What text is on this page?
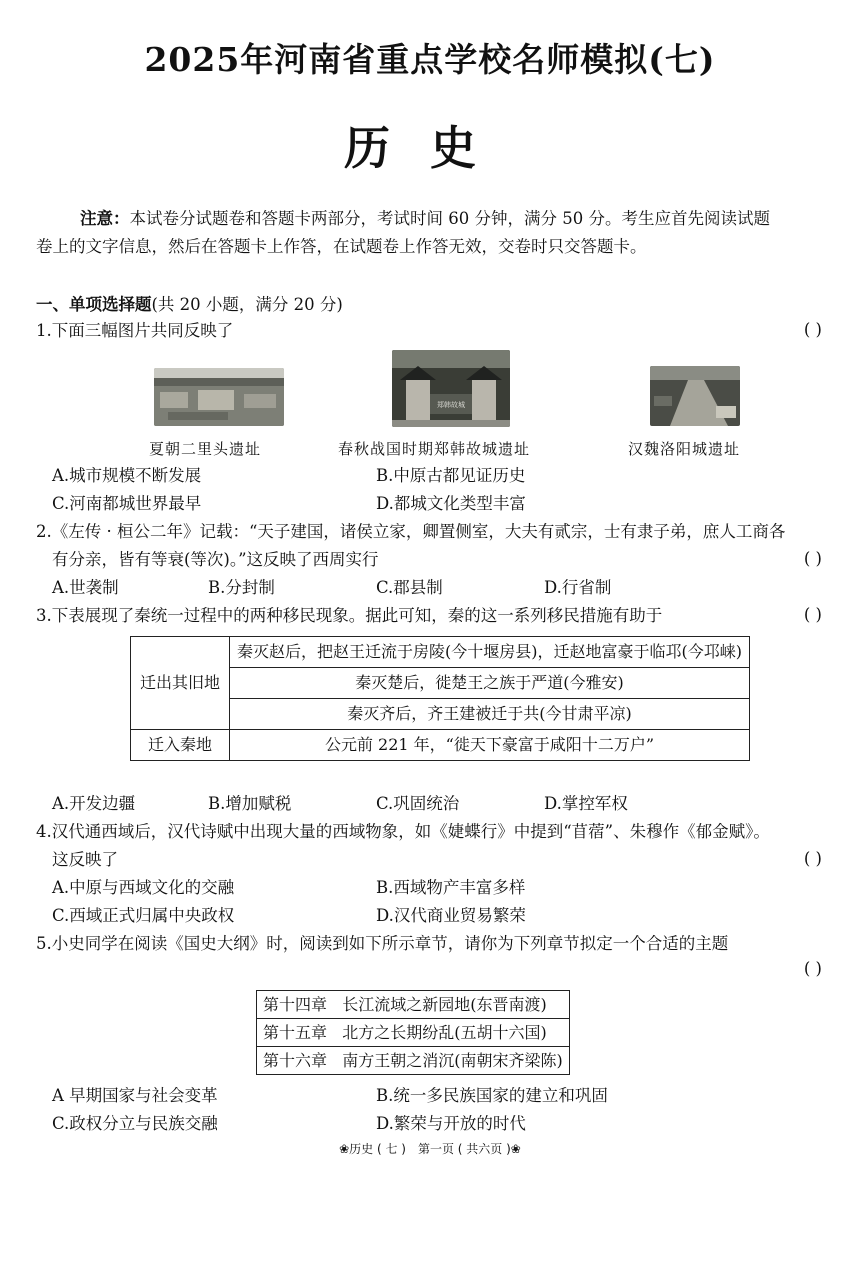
2025年河南省重点学校名师模拟(七)
历史
注意：本试卷分试题卷和答题卡两部分，考试时间 60 分钟，满分 50 分。考生应首先阅读试题
卷上的文字信息，然后在答题卡上作答，在试题卷上作答无效，交卷时只交答题卡。
一、单项选择题(共 20 小题，满分 20 分)
1.下面三幅图片共同反映了	( )
郑韩故城
夏朝二里头遗址	春秋战国时期郑韩故城遗址	汉魏洛阳城遗址
A.城市规模不断发展	B.中原古都见证历史
C.河南都城世界最早	D.都城文化类型丰富
2.《左传 · 桓公二年》记载：“天子建国，诸侯立家，卿置侧室，大夫有贰宗，士有隶子弟，庶人工商各
有分亲，皆有等衰(等次)。”这反映了西周实行	( )
A.世袭制	B.分封制	C.郡县制	D.行省制
3.下表展现了秦统一过程中的两种移民现象。据此可知，秦的这一系列移民措施有助于	( )
迁出其旧地	秦灭赵后，把赵王迁流于房陵(今十堰房县)，迁赵地富豪于临邛(今邛崃)
	秦灭楚后，徙楚王之族于严道(今雅安)
	秦灭齐后，齐王建被迁于共(今甘肃平凉)
迁入秦地	公元前 221 年，“徙天下豪富于咸阳十二万户”
A.开发边疆	B.增加赋税	C.巩固统治	D.掌控军权
4.汉代通西域后，汉代诗赋中出现大量的西域物象，如《婕蝶行》中提到“苜蓿”、朱穆作《郁金赋》。
这反映了	( )
A.中原与西域文化的交融	B.西域物产丰富多样
C.西域正式归属中央政权	D.汉代商业贸易繁荣
5.小史同学在阅读《国史大纲》时，阅读到如下所示章节，请你为下列章节拟定一个合适的主题
( )
第十四章 长江流域之新园地(东晋南渡)
第十五章 北方之长期纷乱(五胡十六国)
第十六章 南方王朝之消沉(南朝宋齐梁陈)
A 早期国家与社会变革	B.统一多民族国家的建立和巩固
C.政权分立与民族交融	D.繁荣与开放的时代
❀历史 ( 七 )　第一页 ( 共六页 )❀
